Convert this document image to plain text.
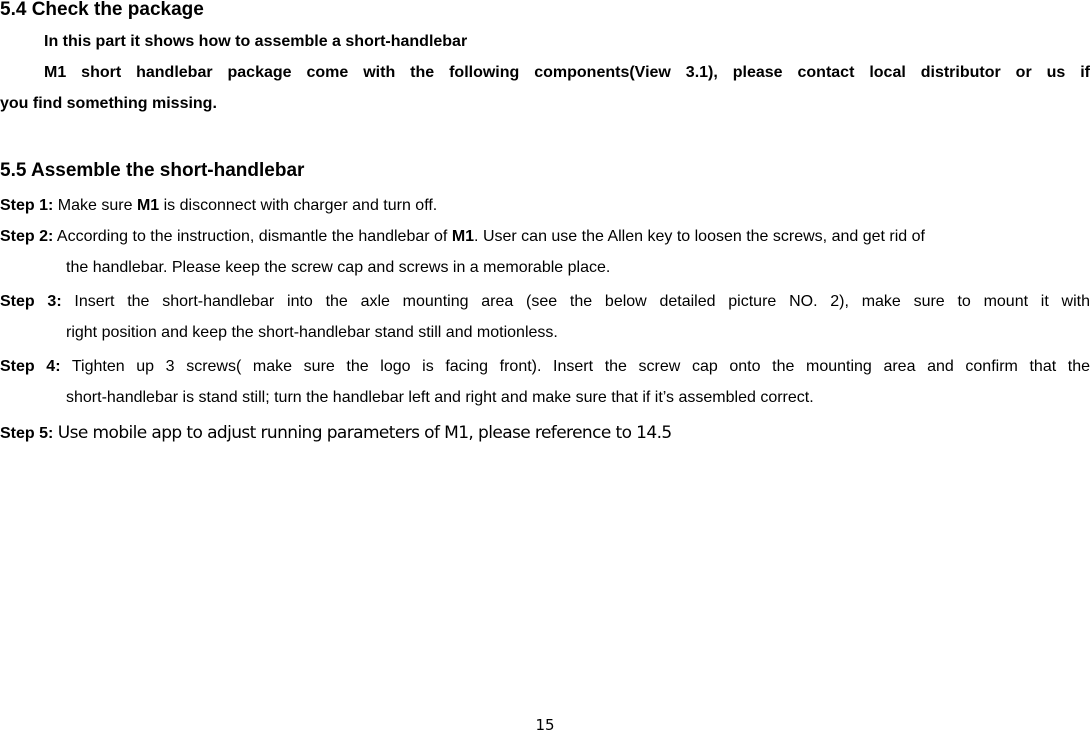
5.4 Check the package
In this part it shows how to assemble a short-handlebar
M1 short handlebar package come with the following components(View 3.1), please contact local distributor or us if
you find something missing.
5.5 Assemble the short-handlebar
Step 1: Make sure M1 is disconnect with charger and turn off.
Step 2: According to the instruction, dismantle the handlebar of M1. User can use the Allen key to loosen the screws, and get rid of
the handlebar. Please keep the screw cap and screws in a memorable place.
Step 3: Insert the short-handlebar into the axle mounting area (see the below detailed picture NO. 2), make sure to mount it with
right position and keep the short-handlebar stand still and motionless.
Step 4: Tighten up 3 screws( make sure the logo is facing front). Insert the screw cap onto the mounting area and confirm that the
short-handlebar is stand still; turn the handlebar left and right and make sure that if it’s assembled correct.
Step 5: Use mobile app to adjust running parameters of M1, please reference to 14.5
15
